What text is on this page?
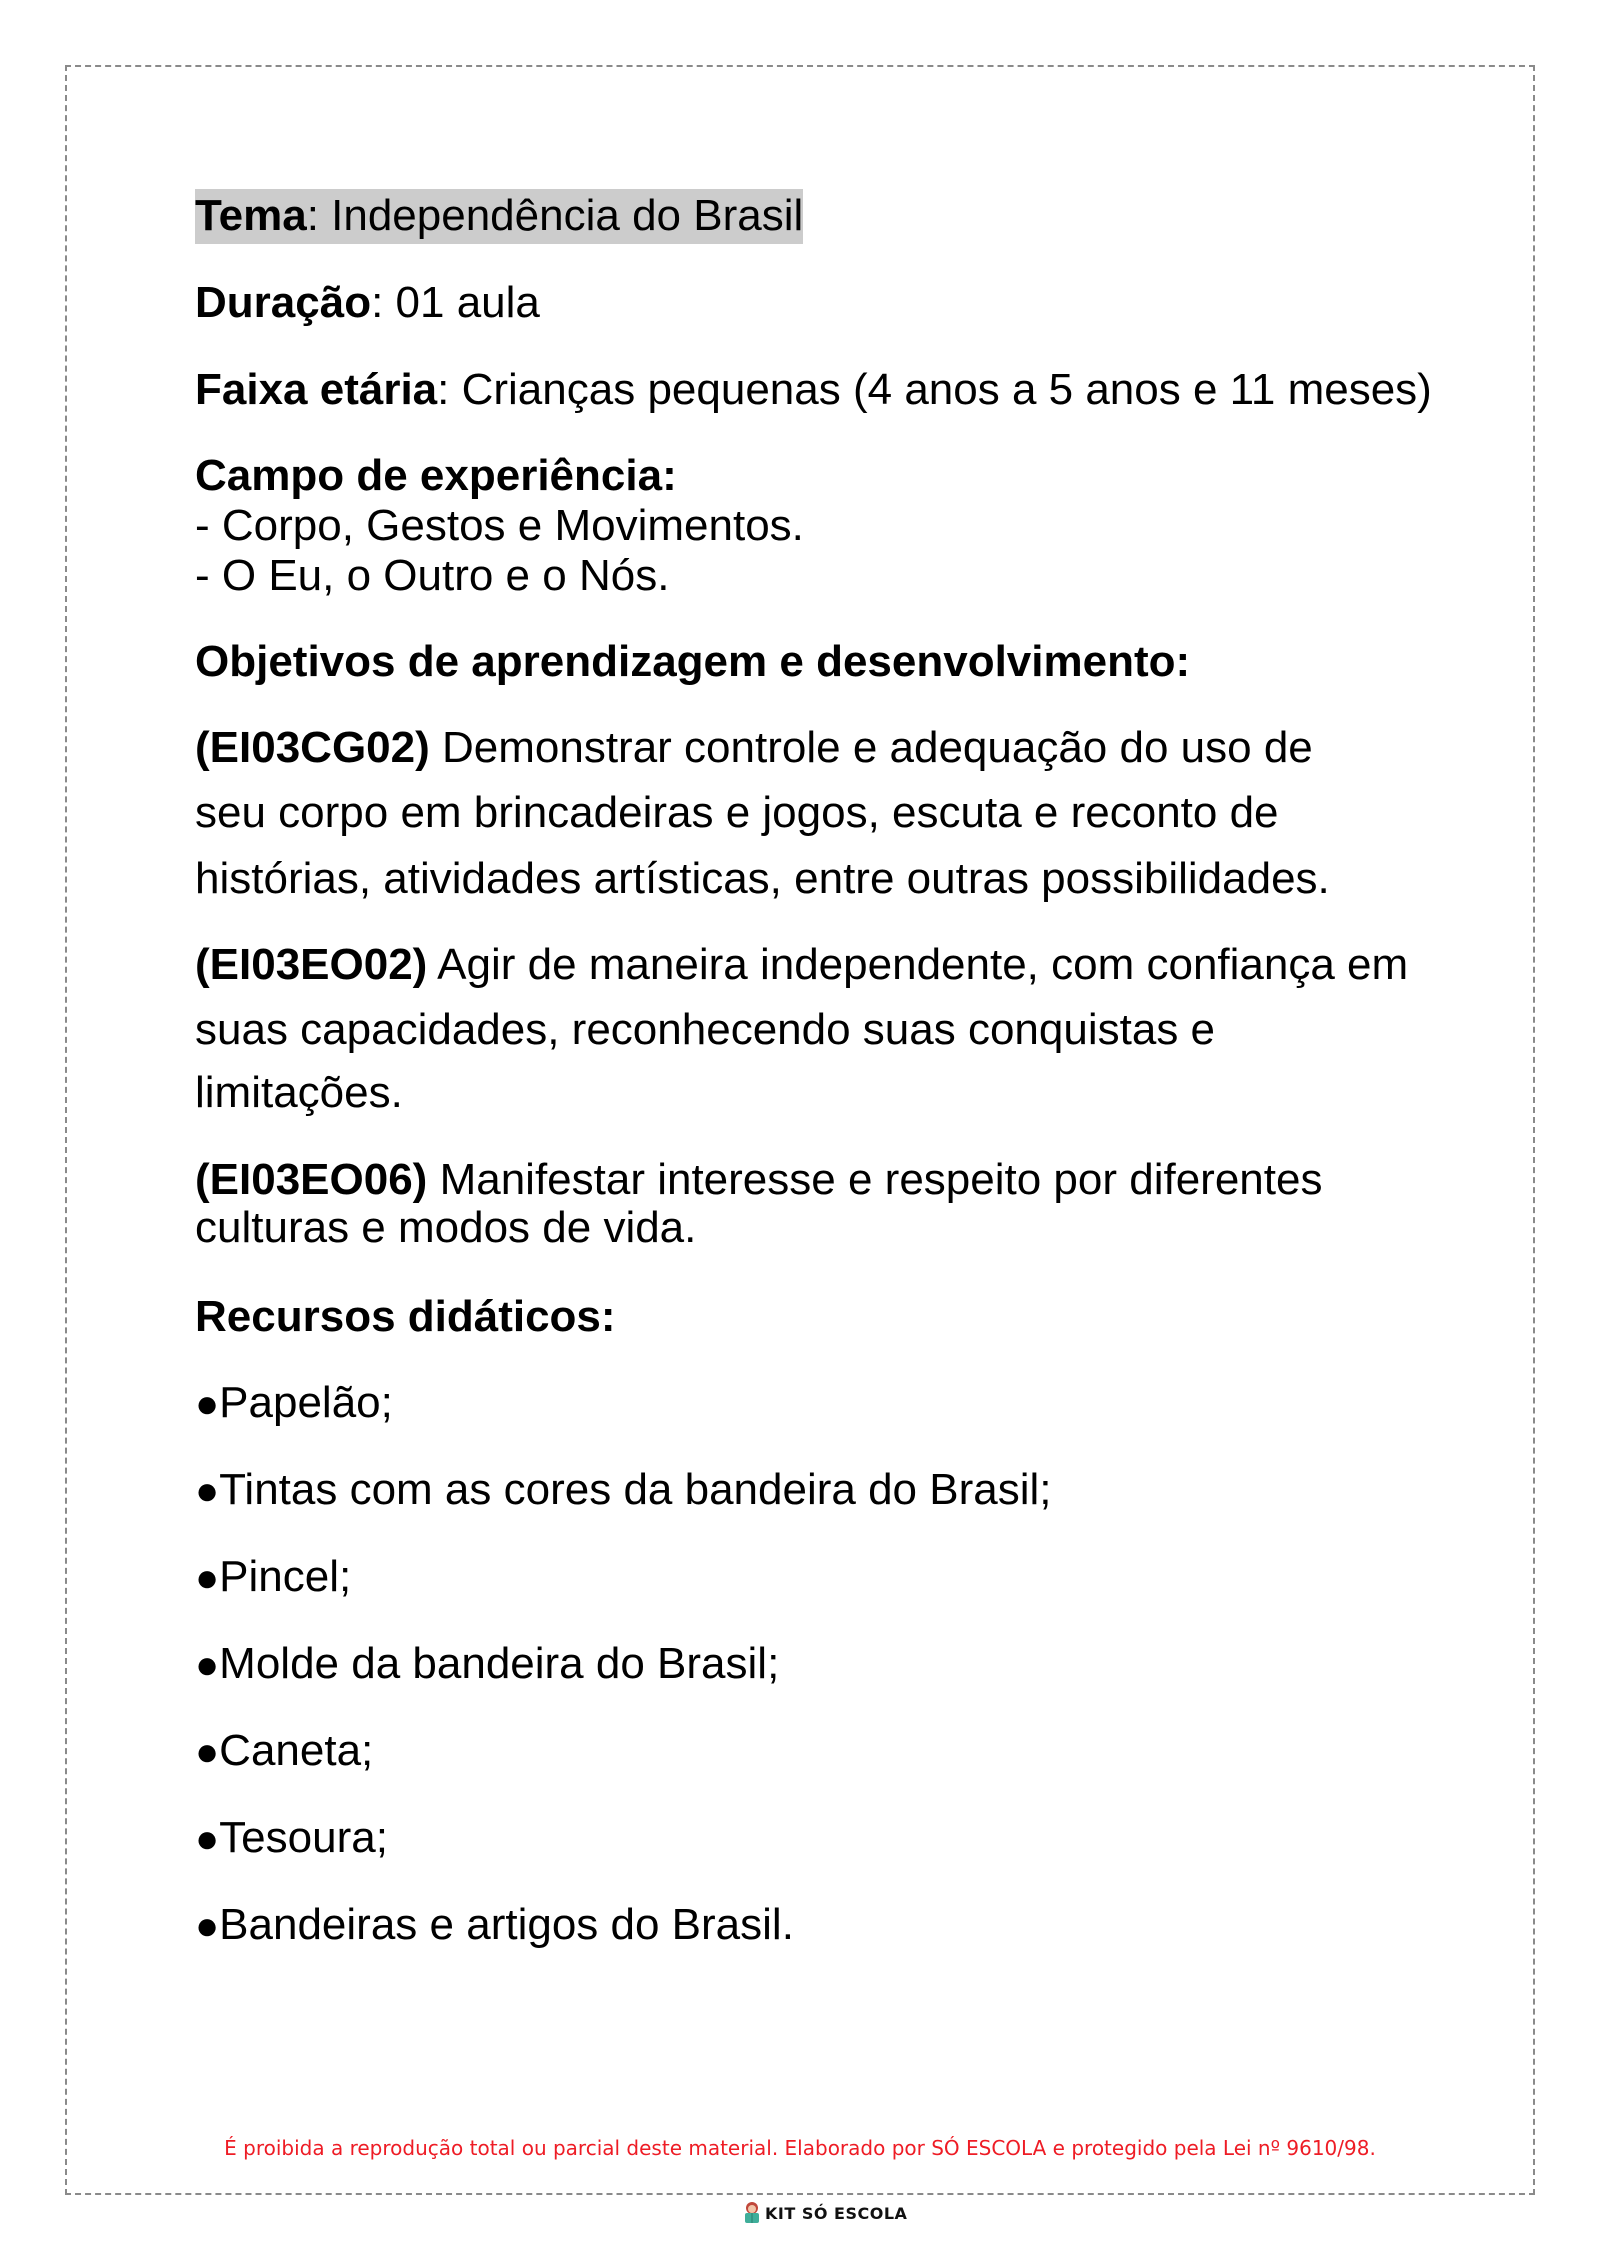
Tema: Independência do Brasil
Duração: 01 aula
Faixa etária: Crianças pequenas (4 anos a 5 anos e 11 meses)
Campo de experiência:
- Corpo, Gestos e Movimentos.
- O Eu, o Outro e o Nós.
Objetivos de aprendizagem e desenvolvimento:
(EI03CG02) Demonstrar controle e adequação do uso de
seu corpo em brincadeiras e jogos, escuta e reconto de
histórias, atividades artísticas, entre outras possibilidades.
(EI03EO02) Agir de maneira independente, com confiança em
suas capacidades, reconhecendo suas conquistas e
limitações.
(EI03EO06) Manifestar interesse e respeito por diferentes
culturas e modos de vida.
Recursos didáticos:
●Papelão;
●Tintas com as cores da bandeira do Brasil;
●Pincel;
●Molde da bandeira do Brasil;
●Caneta;
●Tesoura;
●Bandeiras e artigos do Brasil.
É proibida a reprodução total ou parcial deste material. Elaborado por SÓ ESCOLA e protegido pela Lei nº 9610/98.
KIT SÓ ESCOLA
